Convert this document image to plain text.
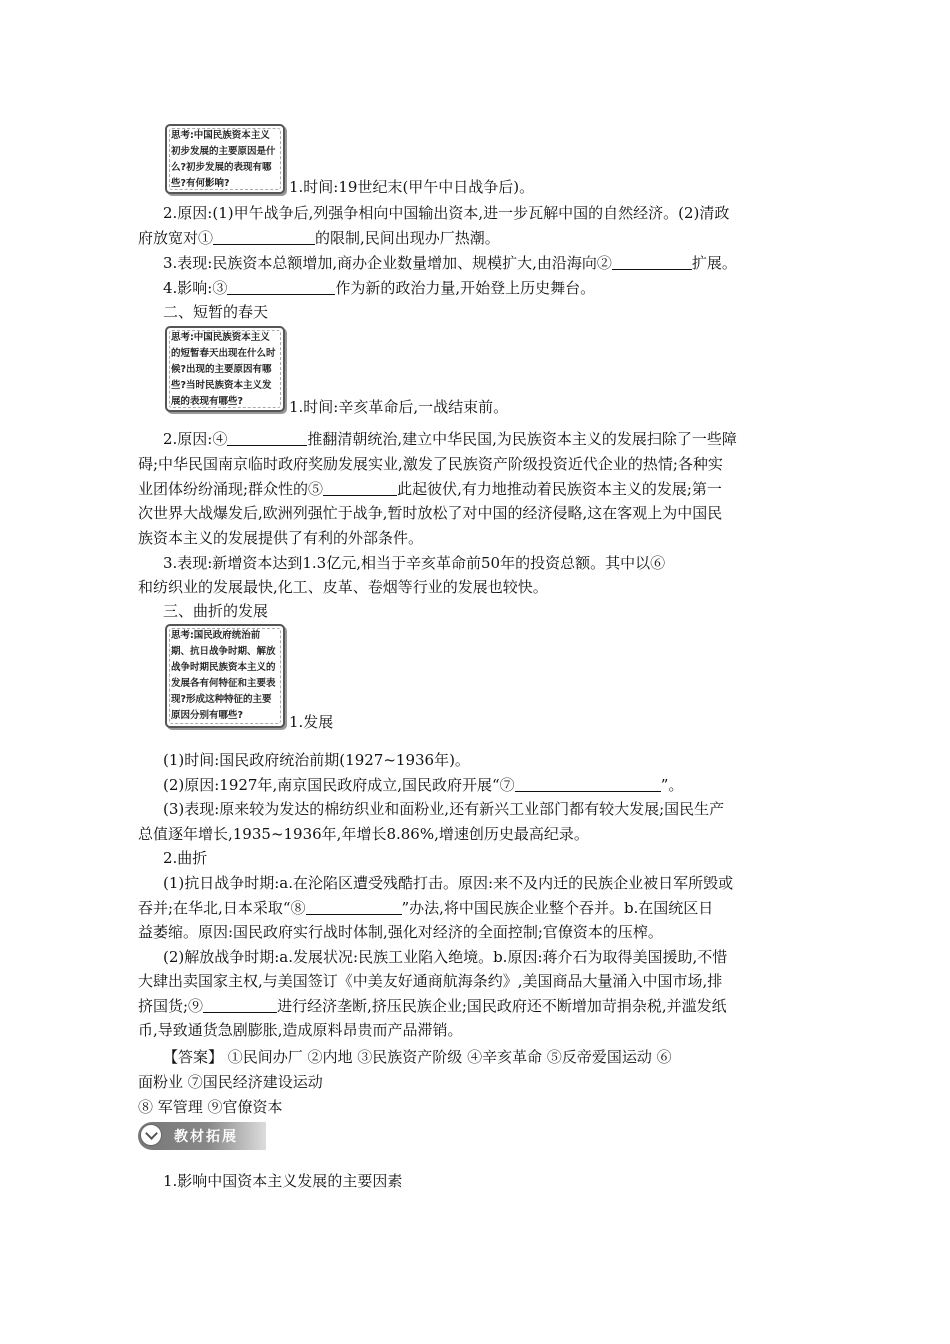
思考:中国民族资本主义初步发展的主要原因是什么?初步发展的表现有哪些?有何影响?	1.时间:19世纪末(甲午中日战争后)。
2.原因:(1)甲午战争后,列强争相向中国输出资本,进一步瓦解中国的自然经济。(2)清政
府放宽对①	的限制,民间出现办厂热潮。
3.表现:民族资本总额增加,商办企业数量增加、规模扩大,由沿海向②	扩展。
4.影响:③	作为新的政治力量,开始登上历史舞台。
二、短暂的春天
思考:中国民族资本主义的短暂春天出现在什么时候?出现的主要原因有哪些?当时民族资本主义发展的表现有哪些?	1.时间:辛亥革命后,一战结束前。
2.原因:④	推翻清朝统治,建立中华民国,为民族资本主义的发展扫除了一些障
碍;中华民国南京临时政府奖励发展实业,激发了民族资产阶级投资近代企业的热情;各种实
业团体纷纷涌现;群众性的⑤	此起彼伏,有力地推动着民族资本主义的发展;第一
次世界大战爆发后,欧洲列强忙于战争,暂时放松了对中国的经济侵略,这在客观上为中国民
族资本主义的发展提供了有利的外部条件。
3.表现:新增资本达到1.3亿元,相当于辛亥革命前50年的投资总额。其中以⑥
和纺织业的发展最快,化工、皮革、卷烟等行业的发展也较快。
三、曲折的发展
思考:国民政府统治前期、抗日战争时期、解放战争时期民族资本主义的发展各有何特征和主要表现?形成这种特征的主要原因分别有哪些?	1.发展
(1)时间:国民政府统治前期(1927~1936年)。
(2)原因:1927年,南京国民政府成立,国民政府开展“⑦	”。
(3)表现:原来较为发达的棉纺织业和面粉业,还有新兴工业部门都有较大发展;国民生产
总值逐年增长,1935~1936年,年增长8.86%,增速创历史最高纪录。
2.曲折
(1)抗日战争时期:a.在沦陷区遭受残酷打击。原因:来不及内迁的民族企业被日军所毁或
吞并;在华北,日本采取“⑧	”办法,将中国民族企业整个吞并。b.在国统区日
益萎缩。原因:国民政府实行战时体制,强化对经济的全面控制;官僚资本的压榨。
(2)解放战争时期:a.发展状况:民族工业陷入绝境。b.原因:蒋介石为取得美国援助,不惜
大肆出卖国家主权,与美国签订《中美友好通商航海条约》,美国商品大量涌入中国市场,排
挤国货;⑨	进行经济垄断,挤压民族企业;国民政府还不断增加苛捐杂税,并滥发纸
币,导致通货急剧膨胀,造成原料昂贵而产品滞销。
【答案】 ①民间办厂 ②内地 ③民族资产阶级 ④辛亥革命 ⑤反帝爱国运动 ⑥
面粉业 ⑦国民经济建设运动
⑧ 军管理 ⑨官僚资本
教材拓展
1.影响中国资本主义发展的主要因素
